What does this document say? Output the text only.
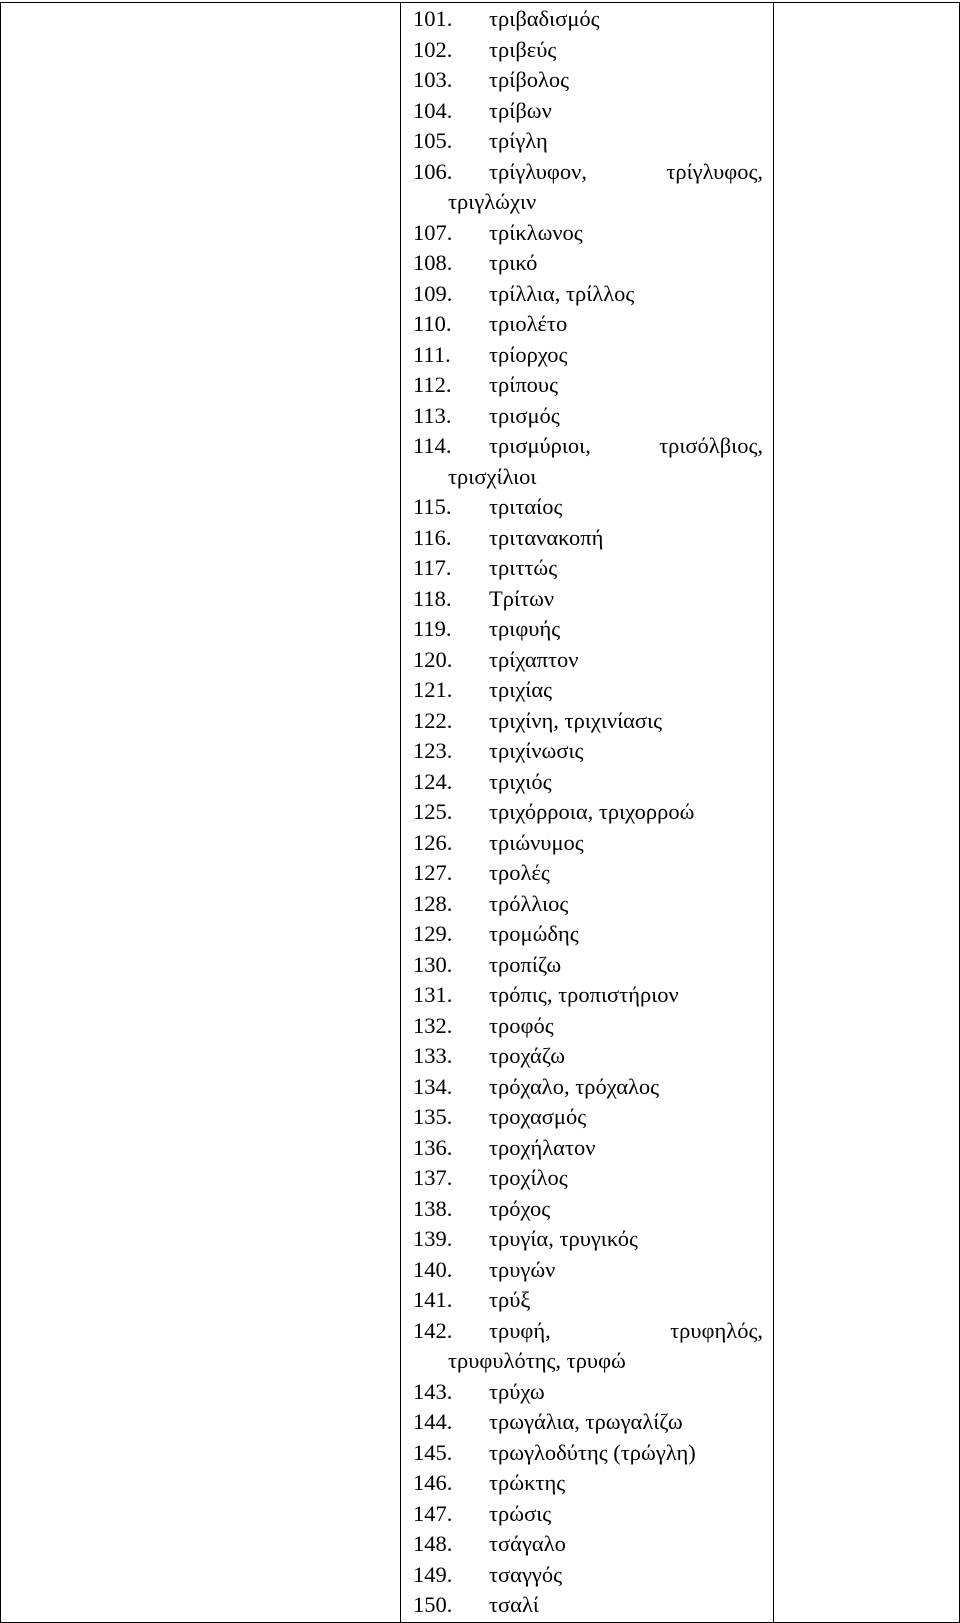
101. τριβαδισμός
102. τριβεύς
103. τρίβολος
104. τρίβων
105. τρίγλη
106.	τρίγλυφον,	τρίγλυφος,
τριγλώχιν
107. τρίκλωνος
108. τρικό
109. τρίλλια, τρίλλος
110. τριολέτο
111. τρίορχος
112. τρίπους
113. τρισμός
114.	τρισμύριοι,	τρισόλβιος,
τρισχίλιοι
115. τριταίος
116. τριτανακοπή
117. τριττώς
118. Τρίτων
119. τριφυής
120. τρίχαπτον
121. τριχίας
122. τριχίνη, τριχινίασις
123. τριχίνωσις
124. τριχιός
125. τριχόρροια, τριχορροώ
126. τριώνυμος
127. τρολές
128. τρόλλιος
129. τρομώδης
130. τροπίζω
131. τρόπις, τροπιστήριον
132. τροφός
133. τροχάζω
134. τρόχαλο, τρόχαλος
135. τροχασμός
136. τροχήλατον
137. τροχίλος
138. τρόχος
139. τρυγία, τρυγικός
140. τρυγών
141. τρύξ
142.	τρυφή,	τρυφηλός,
τρυφυλότης, τρυφώ
143. τρύχω
144. τρωγάλια, τρωγαλίζω
145. τρωγλοδύτης (τρώγλη)
146. τρώκτης
147. τρώσις
148. τσάγαλο
149. τσαγγός
150. τσαλί
